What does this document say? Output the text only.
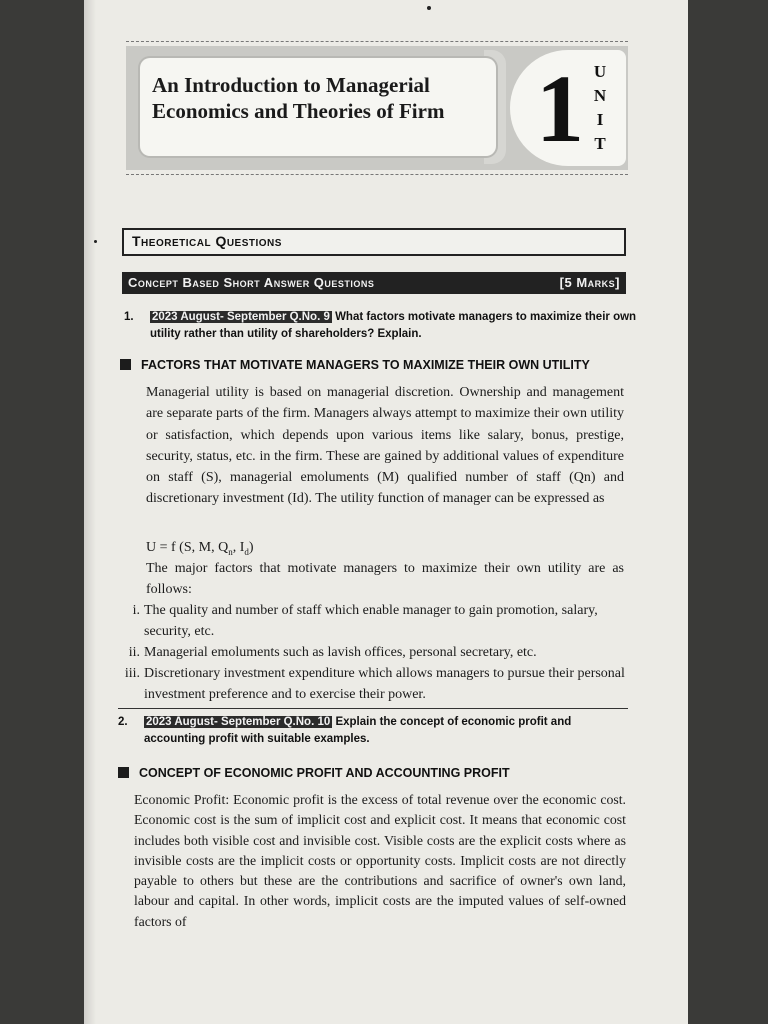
An Introduction to Managerial
Economics and Theories of Firm 1 U
N
I
T
Theoretical Questions
Concept Based Short Answer Questions	[5 Marks]
1. 2023 August- September Q.No. 9 What factors motivate managers to maximize their own utility rather than utility of shareholders? Explain.
FACTORS THAT MOTIVATE MANAGERS TO MAXIMIZE THEIR OWN UTILITY
Managerial utility is based on managerial discretion. Ownership and management are separate parts of the firm. Managers always attempt to maximize their own utility or satisfaction, which depends upon various items like salary, bonus, prestige, security, status, etc. in the firm. These are gained by additional values of expenditure on staff (S), managerial emoluments (M) qualified number of staff (Qn) and discretionary investment (Id). The utility function of manager can be expressed as
U = f (S, M, $Q_n$, $I_d$)
The major factors that motivate managers to maximize their own utility are as follows:
i. The quality and number of staff which enable manager to gain promotion, salary, security, etc.
ii. Managerial emoluments such as lavish offices, personal secretary, etc.
iii. Discretionary investment expenditure which allows managers to pursue their personal investment preference and to exercise their power.
2. 2023 August- September Q.No. 10 Explain the concept of economic profit and accounting profit with suitable examples.
CONCEPT OF ECONOMIC PROFIT AND ACCOUNTING PROFIT
Economic Profit: Economic profit is the excess of total revenue over the economic cost. Economic cost is the sum of implicit cost and explicit cost. It means that economic cost includes both visible cost and invisible cost. Visible costs are the explicit costs where as invisible costs are the implicit costs or opportunity costs. Implicit costs are not directly payable to others but these are the contributions and sacrifice of owner's own land, labour and capital. In other words, implicit costs are the imputed values of self-owned factors of
